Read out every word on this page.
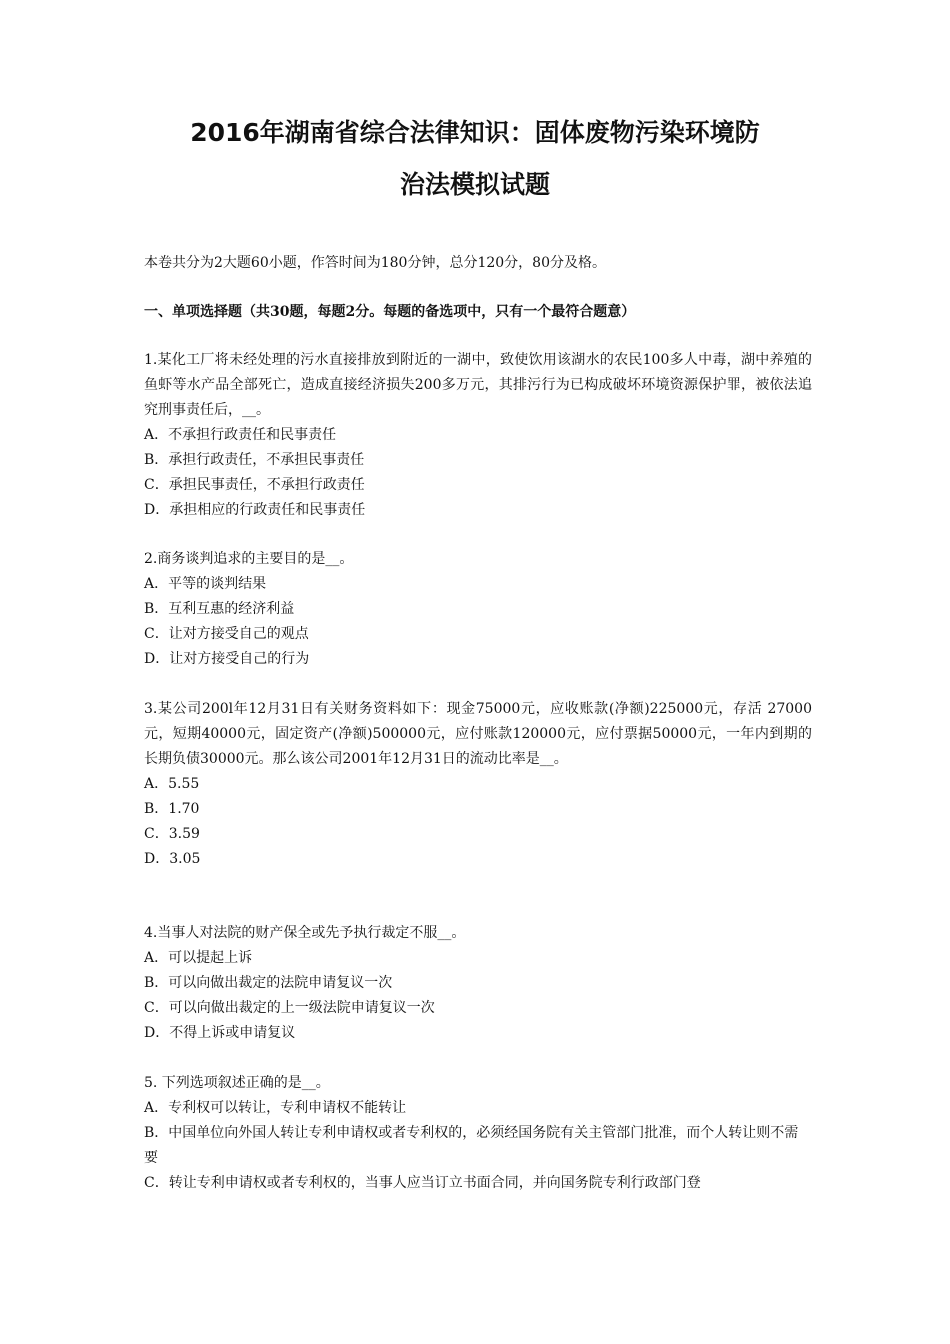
2016年湖南省综合法律知识：固体废物污染环境防
治法模拟试题

本卷共分为2大题60小题，作答时间为180分钟，总分120分，80分及格。

一、单项选择题（共30题，每题2分。每题的备选项中，只有一个最符合题意）

1.某化工厂将未经处理的污水直接排放到附近的一湖中，致使饮用该湖水的农民100多人中毒，湖中养殖的鱼虾等水产品全部死亡，造成直接经济损失200多万元，其排污行为已构成破坏环境资源保护罪，被依法追究刑事责任后，__。
A．不承担行政责任和民事责任
B．承担行政责任，不承担民事责任
C．承担民事责任，不承担行政责任
D．承担相应的行政责任和民事责任
2.商务谈判追求的主要目的是__。
A．平等的谈判结果
B．互利互惠的经济利益
C．让对方接受自己的观点
D．让对方接受自己的行为
3.某公司200l年12月31日有关财务资料如下：现金75000元，应收账款(净额)225000元，存活 27000元，短期40000元，固定资产(净额)500000元，应付账款120000元，应付票据50000元，一年内到期的长期负债30000元。那么该公司2001年12月31日的流动比率是__。
A．5.55
B．1.70
C．3.59
D．3.05
4.当事人对法院的财产保全或先予执行裁定不服__。
A．可以提起上诉
B．可以向做出裁定的法院申请复议一次
C．可以向做出裁定的上一级法院申请复议一次
D．不得上诉或申请复议
5. 下列选项叙述正确的是__。
A．专利权可以转让，专利申请权不能转让
B．中国单位向外国人转让专利申请权或者专利权的，必须经国务院有关主管部门批准，而个人转让则不需要
C．转让专利申请权或者专利权的，当事人应当订立书面合同，并向国务院专利行政部门登
